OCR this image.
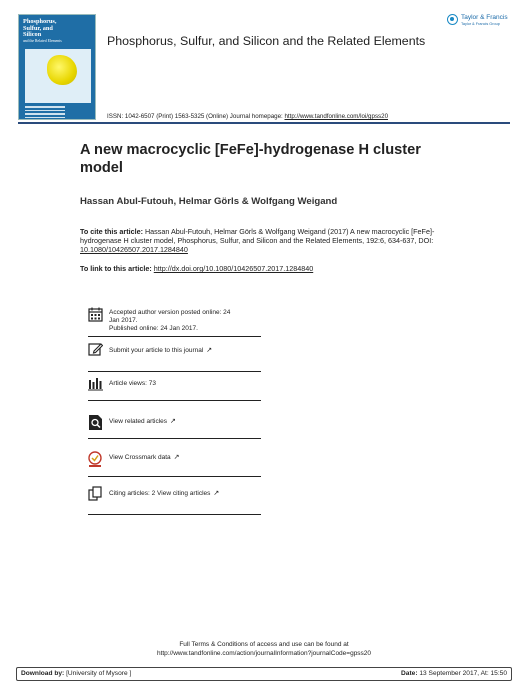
Phosphorus,
Sulfur, and
Silicon
and the Related Elements	Phosphorus, Sulfur, and Silicon and the Related Elements
Taylor & Francis
Taylor & Francis Group
ISSN: 1042-6507 (Print) 1563-5325 (Online) Journal homepage: http://www.tandfonline.com/loi/gpss20
A new macrocyclic [FeFe]-hydrogenase H cluster model
Hassan Abul-Futouh, Helmar Görls & Wolfgang Weigand
To cite this article: Hassan Abul-Futouh, Helmar Görls & Wolfgang Weigand (2017) A new macrocyclic [FeFe]-hydrogenase H cluster model, Phosphorus, Sulfur, and Silicon and the Related Elements, 192:6, 634-637, DOI: 10.1080/10426507.2017.1284840
To link to this article: http://dx.doi.org/10.1080/10426507.2017.1284840
Accepted author version posted online: 24
Jan 2017.
Published online: 24 Jan 2017.
Submit your article to this journal ↗
Article views: 73
View related articles ↗
View Crossmark data ↗
Citing articles: 2 View citing articles ↗
Full Terms & Conditions of access and use can be found at
http://www.tandfonline.com/action/journalInformation?journalCode=gpss20
Download by: [University of Mysore ]	Date: 13 September 2017, At: 15:50
